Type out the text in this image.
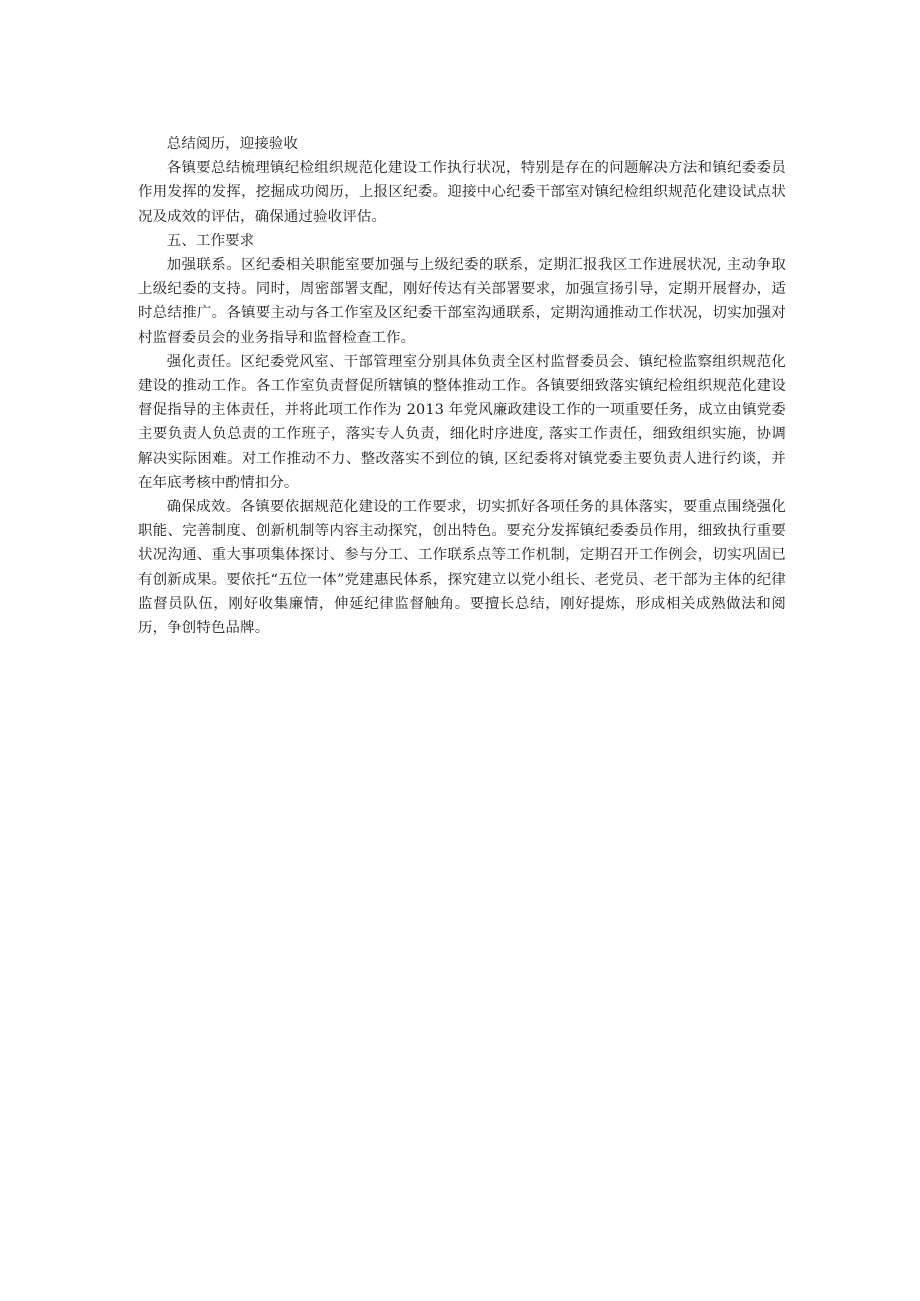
总结阅历，迎接验收

各镇要总结梳理镇纪检组织规范化建设工作执行状况，特别是存在的问题解决方法和镇纪委委员作用发挥的发挥，挖掘成功阅历，上报区纪委。迎接中心纪委干部室对镇纪检组织规范化建设试点状况及成效的评估，确保通过验收评估。

五、工作要求

加强联系。区纪委相关职能室要加强与上级纪委的联系，定期汇报我区工作进展状况, 主动争取上级纪委的支持。同时，周密部署支配，刚好传达有关部署要求，加强宣扬引导，定期开展督办，适时总结推广。各镇要主动与各工作室及区纪委干部室沟通联系，定期沟通推动工作状况，切实加强对村监督委员会的业务指导和监督检查工作。

强化责任。区纪委党风室、干部管理室分别具体负责全区村监督委员会、镇纪检监察组织规范化建设的推动工作。各工作室负责督促所辖镇的整体推动工作。各镇要细致落实镇纪检组织规范化建设督促指导的主体责任，并将此项工作作为 2013 年党风廉政建设工作的一项重要任务，成立由镇党委主要负责人负总责的工作班子，落实专人负责，细化时序进度, 落实工作责任，细致组织实施，协调解决实际困难。对工作推动不力、整改落实不到位的镇, 区纪委将对镇党委主要负责人进行约谈，并在年底考核中酌情扣分。

确保成效。各镇要依据规范化建设的工作要求，切实抓好各项任务的具体落实，要重点围绕强化职能、完善制度、创新机制等内容主动探究，创出特色。要充分发挥镇纪委委员作用，细致执行重要状况沟通、重大事项集体探讨、参与分工、工作联系点等工作机制，定期召开工作例会，切实巩固已有创新成果。要依托“五位一体”党建惠民体系，探究建立以党小组长、老党员、老干部为主体的纪律监督员队伍，刚好收集廉情，伸延纪律监督触角。要擅长总结，刚好提炼，形成相关成熟做法和阅历，争创特色品牌。
